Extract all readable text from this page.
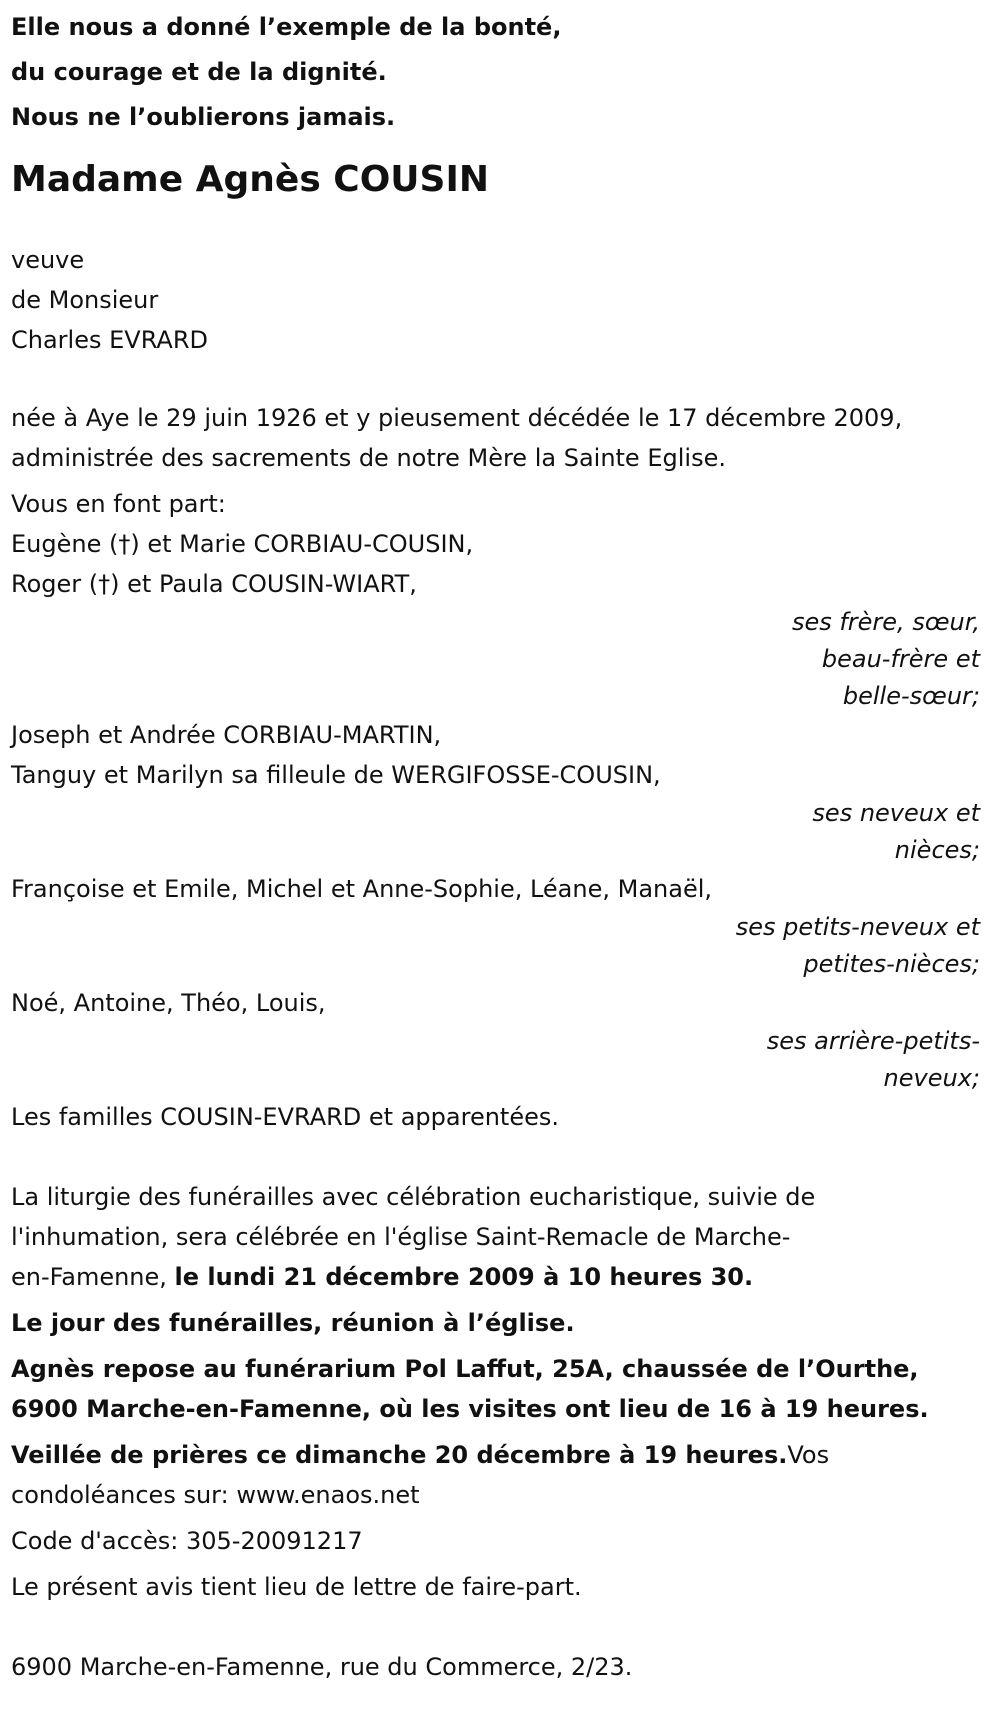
Elle nous a donné l’exemple de la bonté,
du courage et de la dignité.
Nous ne l’oublierons jamais.
Madame Agnès COUSIN
veuve
de Monsieur
Charles EVRARD
née à Aye le 29 juin 1926 et y pieusement décédée le 17 décembre 2009,
administrée des sacrements de notre Mère la Sainte Eglise.
Vous en font part:
Eugène (†) et Marie CORBIAU-COUSIN,
Roger (†) et Paula COUSIN-WIART,
ses frère, sœur,
beau-frère et
belle-sœur;
Joseph et Andrée CORBIAU-MARTIN,
Tanguy et Marilyn sa filleule de WERGIFOSSE-COUSIN,
ses neveux et
nièces;
Françoise et Emile, Michel et Anne-Sophie, Léane, Manaël,
ses petits-neveux et
petites-nièces;
Noé, Antoine, Théo, Louis,
ses arrière-petits-
neveux;
Les familles COUSIN-EVRARD et apparentées.
La liturgie des funérailles avec célébration eucharistique, suivie de
l'inhumation, sera célébrée en l'église Saint-Remacle de Marche-
en-Famenne, le lundi 21 décembre 2009 à 10 heures 30.
Le jour des funérailles, réunion à l’église.
Agnès repose au funérarium Pol Laffut, 25A, chaussée de l’Ourthe,
6900 Marche-en-Famenne, où les visites ont lieu de 16 à 19 heures.
Veillée de prières ce dimanche 20 décembre à 19 heures.Vos
condoléances sur: www.enaos.net
Code d'accès: 305-20091217
Le présent avis tient lieu de lettre de faire-part.
6900 Marche-en-Famenne, rue du Commerce, 2/23.
